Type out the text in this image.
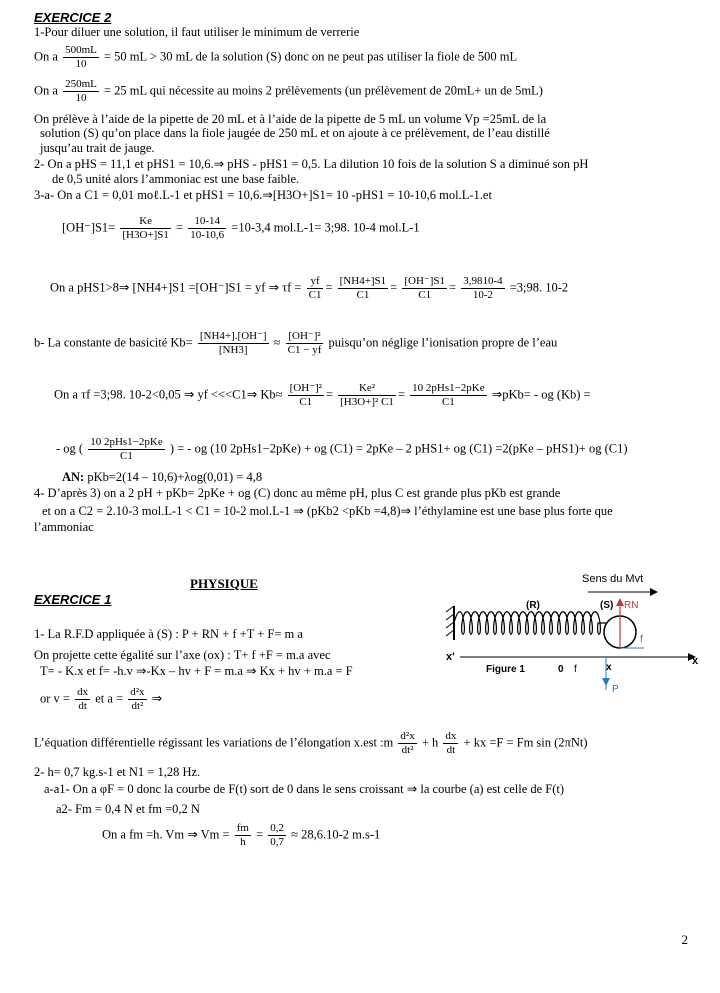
EXERCICE 2
1-Pour diluer une solution, il faut utiliser le minimum de verrerie
On a $\frac{500mL}{10} = 50$ mL > 30 mL de la solution (S) donc on ne peut pas utiliser la fiole de 500 mL
On a $\frac{250mL}{10} = 25$ mL qui nécessite au moins 2 prélèvements (un prélèvement de 20mL+ un de 5mL)
On prélève à l’aide de la pipette de 20 mL et à l’aide de la pipette de 5 mL un volume Vp =25mL de la
solution (S) qu’on place dans la fiole jaugée de 250 mL et on ajoute à ce prélèvement, de l’eau distillé
jusqu’au trait de jauge.
2- On a pHS = 11,1 et pHS1 = 10,6.⇒ pHS - pHS1 = 0,5. La dilution 10 fois de la solution S a diminué son pH
de 0,5 unité alors l’ammoniac est une base faible.
3-a- On a C1 = 0,01 moℓ.L-1 et pHS1 = 10,6.⇒[H3O+]S1= 10 -pHS1 = 10-10,6 mol.L-1.et
$[OH^-]S1= \frac{Ke}{[H3O+]S1} = \frac{10-14}{10-10,6} =10-3,4$ mol.L-1= 3;98. 10-4 mol.L-1
On a pHS1>8⇒ [NH4+]S1 =[OH⁻]S1 = yf ⇒ $\tau f = \frac{yf}{C1} = \frac{[NH4+]S1}{C1} = \frac{[OH^-]S1}{C1} = \frac{3,9810-4}{10-2}$ =3;98. 10-2
b- La constante de basicité $Kb= \frac{[NH4+].[OH^-]}{[NH3]} \approx \frac{\text{[OH⁻]²}}{C1 - yf}$ puisqu’on néglige l’ionisation propre de l’eau
On a τf =3;98. 10-2<0,05 ⇒ yf <<<C1⇒ $Kb\approx \frac{\text{[OH⁻]²}}{C1} = \frac{\text{Ke²}}{\text{[H3O+]² C1}} = \frac{\text{10 2pHs1−2pKe}}{C1}$ ⇒pKb= - og (Kb) =
- og ( $\frac{\text{10 2pHs1−2pKe}}{C1}$ ) = - og (10 2pHs1−2pKe) + og (C1) = 2pKe – 2 pHS1+ og (C1) =2(pKe – pHS1)+ og (C1)
AN: pKb=2(14 – 10,6)+λog(0,01) = 4,8
4- D’après 3) on a 2 pH + pKb= 2pKe + og (C) donc au même pH, plus C est grande plus pKb est grande
et on a C2 = 2.10-3 mol.L-1 < C1 = 10-2 mol.L-1 ⇒ (pKb2 <pKb =4,8)⇒ l’éthylamine est une base plus forte que
l’ammoniac
PHYSIQUE
EXERCICE 1
1- La R.F.D appliquée à (S) : P + RN + f +T + F= m a
On projette cette égalité sur l’axe (ox) : T+ f +F = m.a avec
T= - K.x et f= -h.v ⇒-Kx – hv + F = m.a ⇒ Kx + hv + m.a = F
or $v = \frac{dx}{dt}$ et $a = \frac{\text{d²x}}{\text{dt²}}$ ⇒
L’équation différentielle régissant les variations de l’élongation x.est :m $\frac{\text{d²x}}{\text{dt²}} + h \frac{dx}{dt}$ + kx =F = Fm sin (2πNt)
2- h= 0,7 kg.s-1 et N1 = 1,28 Hz.
a-a1- On a φF = 0 donc la courbe de F(t) sort de 0 dans le sens croissant ⇒ la courbe (a) est celle de F(t)
a2- Fm = 0,4 N et fm =0,2 N
On a fm =h. Vm ⇒ $Vm = \frac{fm}{h} = \frac{0,2}{0,7} \approx 28,6.10-2$ m.s-1
Sens du Mvt
(R)	(S) RN
f
x'	x
Figure 1	0 f	x
P
2
